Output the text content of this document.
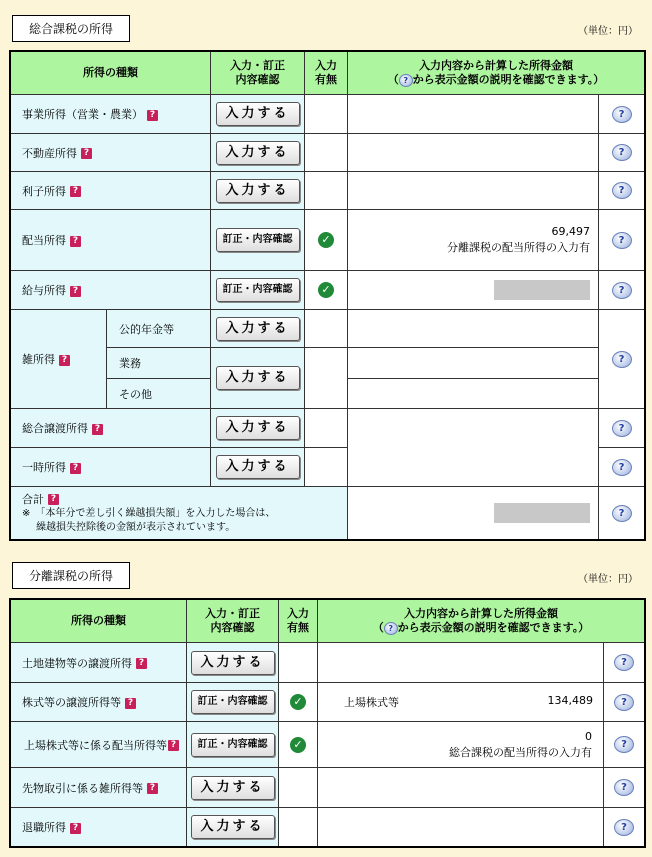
総合課税の所得	（単位：円）
所得の種類		入力・訂正
内容確認	入力
有無	入力内容から計算した所得金額
（ ? から表示金額の説明を確認できます。）	
事業所得（営業・農業） ?		入力する			?
不動産所得 ?		入力する			?
利子所得 ?		入力する			?
配当所得 ?		訂正・内容確認	✓	69,497
分離課税の配当所得の入力有	?
給与所得 ?		訂正・内容確認	✓		?
雑所得 ?	公的年金等	入力する			?
	業務	入力する			
	その他				
総合譲渡所得 ?		入力する			?
一時所得 ?		入力する			?
合計 ?
※　「本年分で差し引く繰越損失額」を入力した場合は、
繰越損失控除後の金額が表示されています。					?
分離課税の所得	（単位：円）
所得の種類	入力・訂正
内容確認	入力
有無	入力内容から計算した所得金額
（ ? から表示金額の説明を確認できます。）	
土地建物等の譲渡所得 ?	入力する			?
株式等の譲渡所得等 ?	訂正・内容確認	✓	上場株式等 134,489	?
上場株式等に係る配当所得等 ?	訂正・内容確認	✓	0
総合課税の配当所得の入力有	?
先物取引に係る雑所得等 ?	入力する			?
退職所得 ?	入力する			?
